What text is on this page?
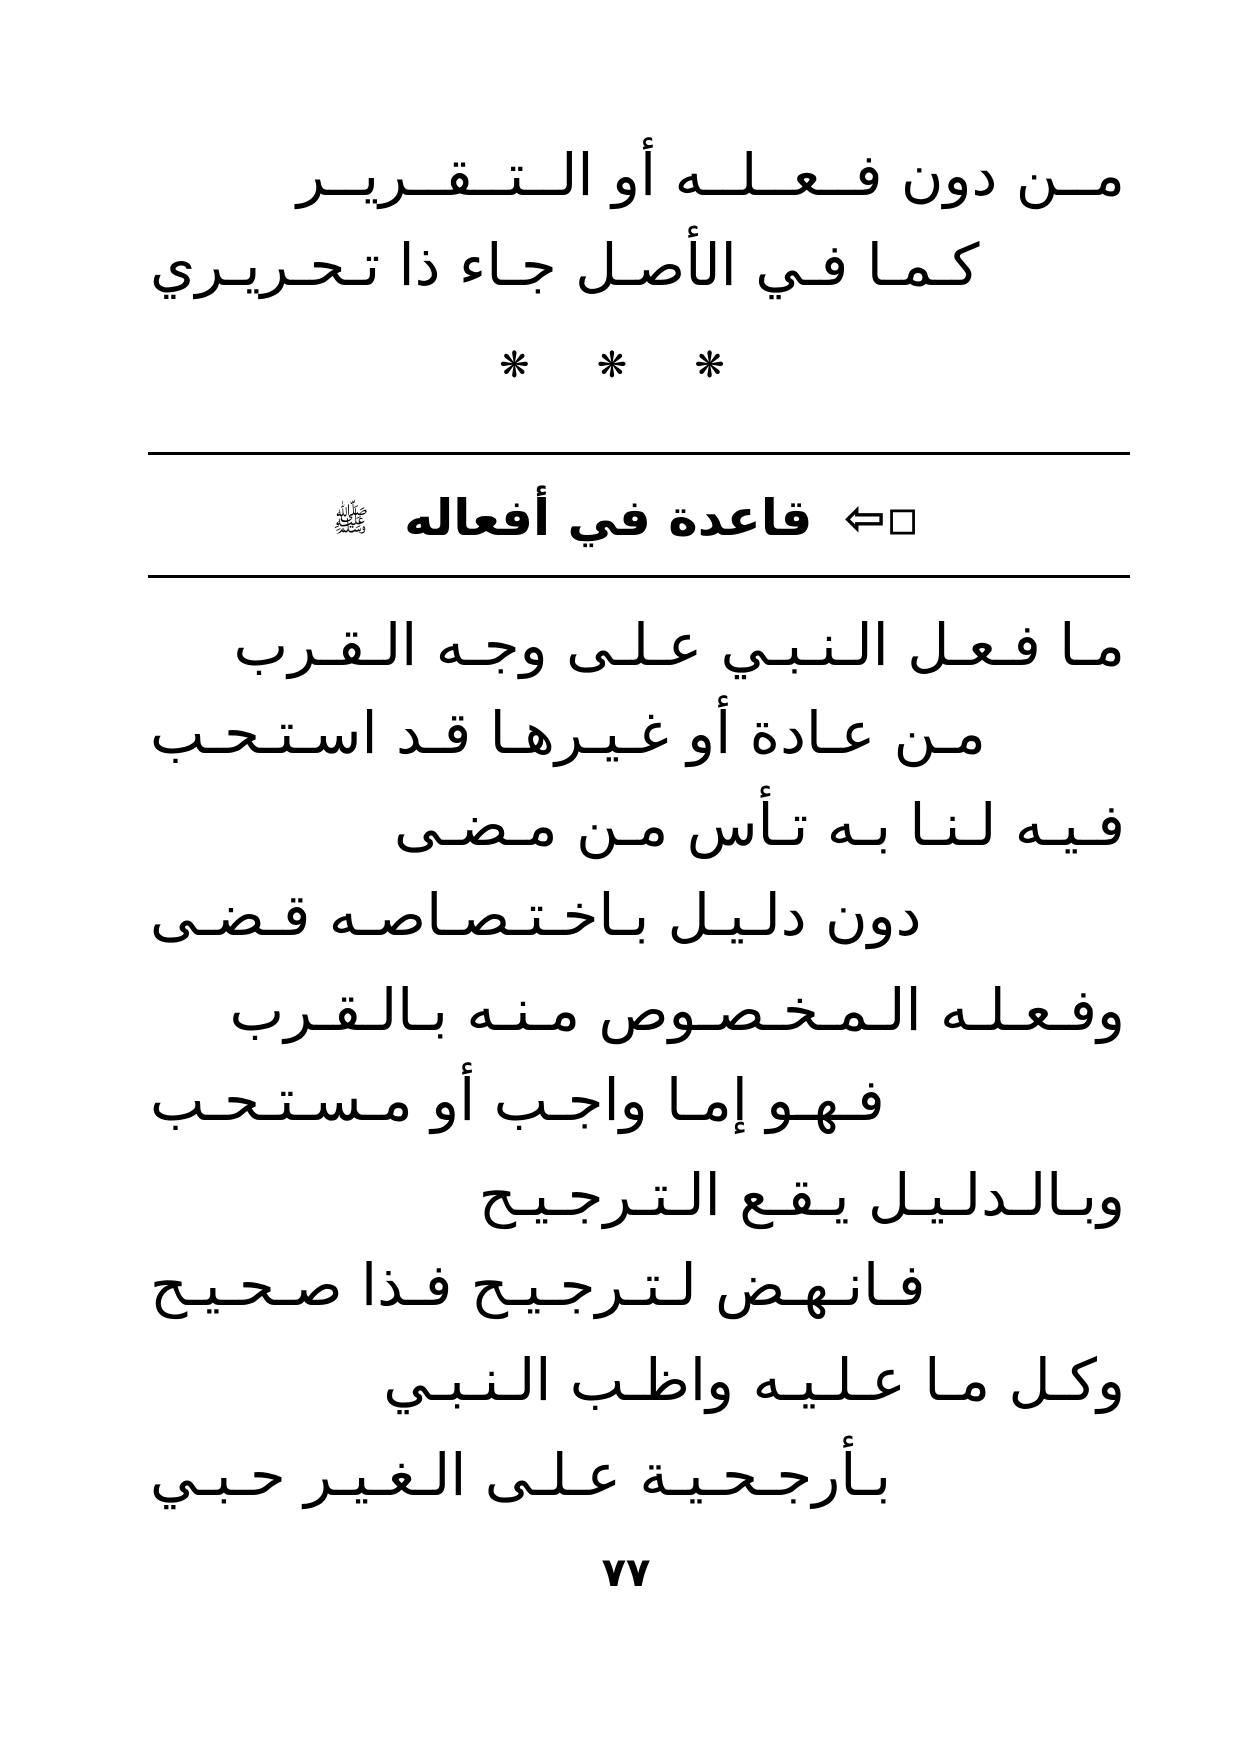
مــن دون فــعــلــه أو الــتــقــريــر
كـمـا فـي الأصـل جـاء ذا تـحـريـري
❋ ❋ ❋
▫⇦ قاعدة في أفعاله ﷺ
مـا فـعـل الـنـبـي عـلـى وجـه الـقـرب
مـن عـادة أو غـيـرهـا قـد اسـتـحـب
فـيـه لـنـا بـه تـأس مـن مـضـى
دون دلـيـل بـاخـتـصـاصـه قـضـى
وفـعـلـه الـمـخـصـوص مـنـه بـالـقـرب
فـهـو إمـا واجـب أو مـسـتـحـب
وبـالـدلـيـل يـقـع الـتـرجـيـح
فـانـهـض لـتـرجـيـح فـذا صـحـيـح
وكـل مـا عـلـيـه واظـب الـنـبـي
بـأرجـحـيـة عـلـى الـغـيـر حـبـي
٧٧
